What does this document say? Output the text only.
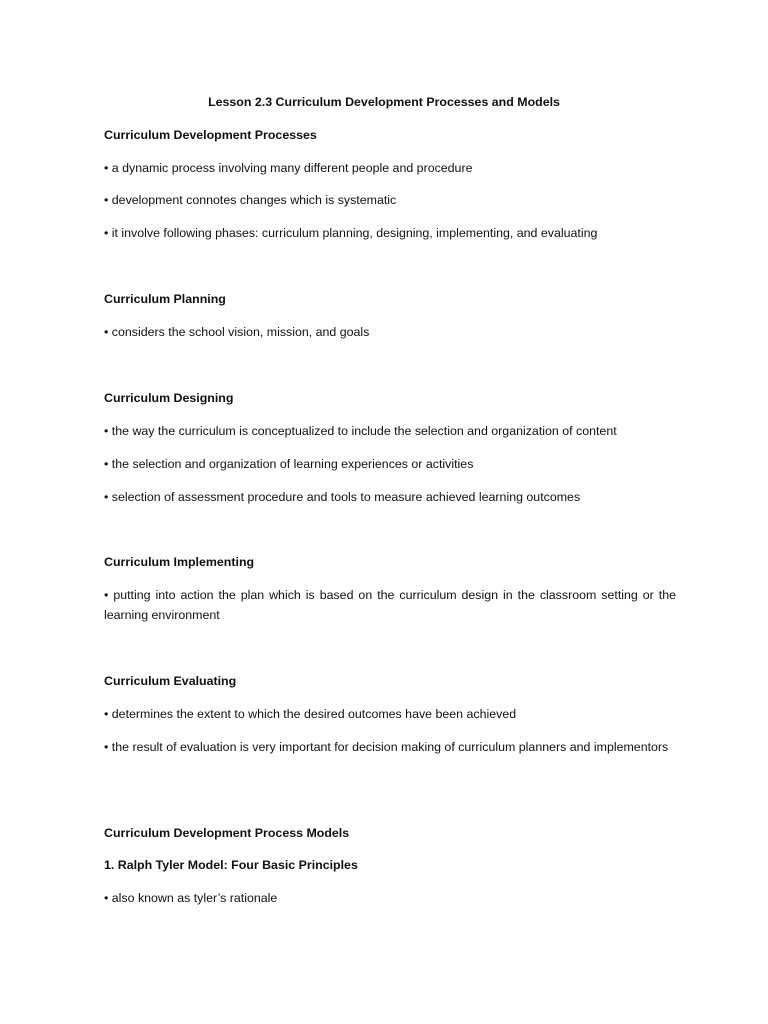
Lesson 2.3 Curriculum Development Processes and Models

Curriculum Development Processes

• a dynamic process involving many different people and procedure

• development connotes changes which is systematic

• it involve following phases: curriculum planning, designing, implementing, and evaluating

Curriculum Planning

• considers the school vision, mission, and goals

Curriculum Designing

• the way the curriculum is conceptualized to include the selection and organization of content

• the selection and organization of learning experiences or activities

• selection of assessment procedure and tools to measure achieved learning outcomes

Curriculum Implementing

• putting into action the plan which is based on the curriculum design in the classroom setting or the learning environment

Curriculum Evaluating

• determines the extent to which the desired outcomes have been achieved

• the result of evaluation is very important for decision making of curriculum planners and implementors

Curriculum Development Process Models

1. Ralph Tyler Model: Four Basic Principles

• also known as tyler’s rationale
